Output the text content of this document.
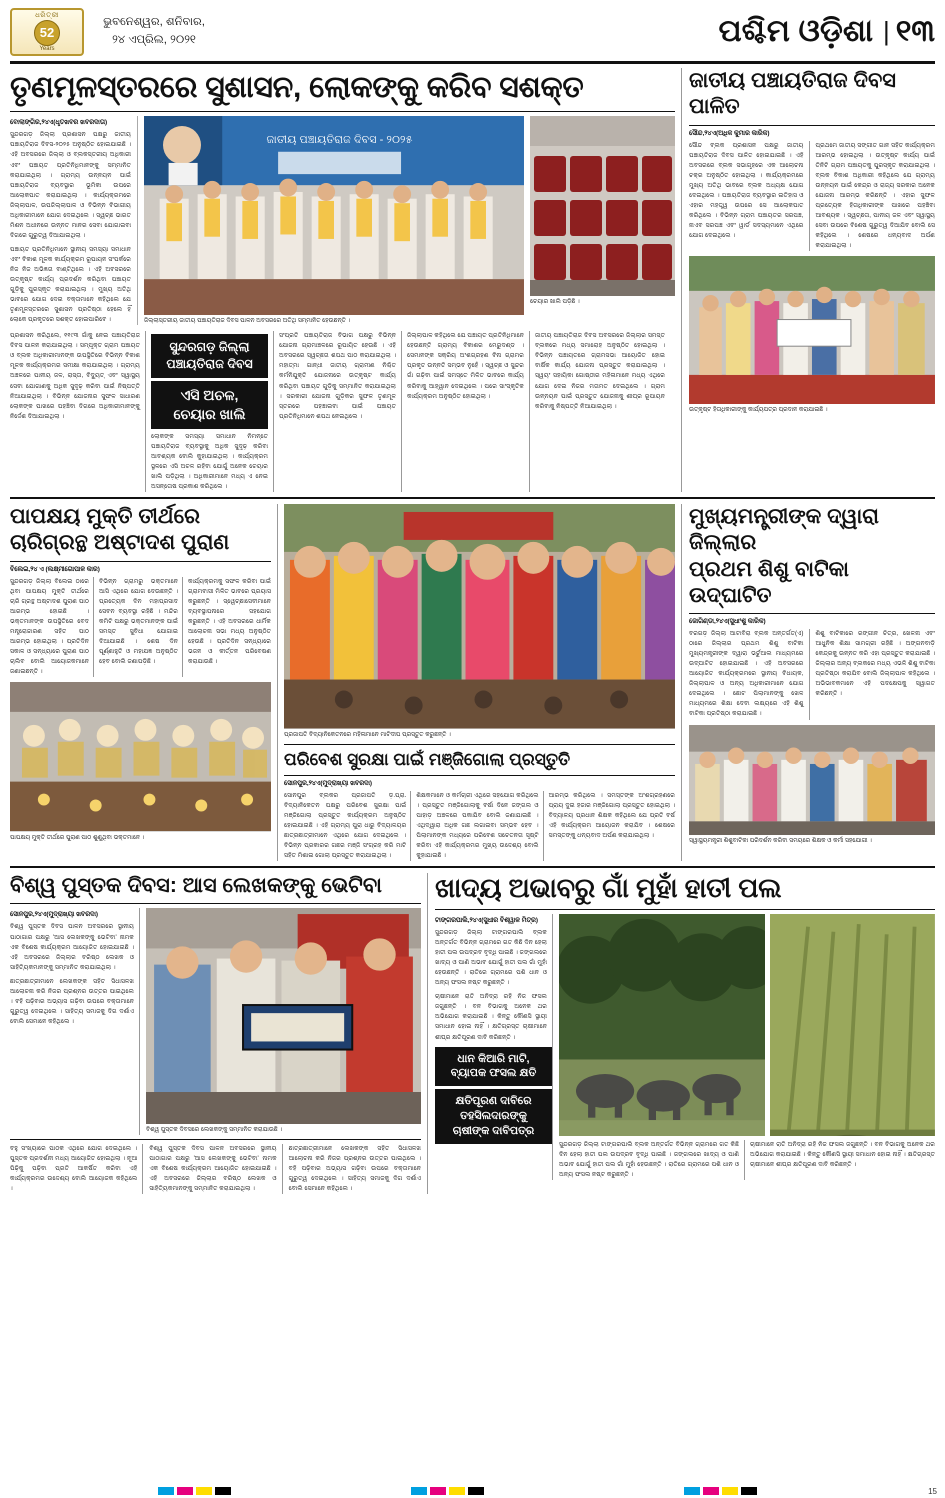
ଧରିତ୍ରୀ
52
Years
ଭୁବନେଶ୍ୱର, ଶନିବାର,
୨୪ ଏପ୍ରିଲ, ୨୦୨୧	ପଶ୍ଚିମ ଓଡ଼ିଶା | ୧୩
ତୃଣମୂଳସ୍ତରରେ ସୁଶାସନ, ଲୋକଙ୍କୁ କରିବ ସଶକ୍ତ
ବୋଲାଙ୍ଗିର,୨୪ଏ(ଧୃତଖବର ଖବରଦାତା)
ସୁନ୍ଦରଗଡ଼ ଜିଲ୍ଲା ପ୍ରଶାସନ ପକ୍ଷରୁ ଜାତୀୟ ପଞ୍ଚାୟତିରାଜ ଦିବସ-୨୦୨୫ ଅନୁଷ୍ଠିତ ହୋଇଯାଇଛି । ଏହି ଅବସରରେ ଜିଲ୍ଲା ଓ ବ୍ଲକସ୍ତରୀୟ ଅଧିକାରୀ ଏବଂ ପଞ୍ଚାୟତ ପ୍ରତିନିଧିମାନଙ୍କୁ ସମ୍ମାନିତ କରାଯାଇଥିଲା । ଗ୍ରାମ୍ୟ ଉନ୍ନୟନ ପାଇଁ ପଞ୍ଚାୟତିରାଜ ବ୍ୟବସ୍ଥାର ଭୂମିକା ଉପରେ ଆଲୋକପାତ କରାଯାଇଥିଲା । କାର୍ଯ୍ୟକ୍ରମରେ ଜିଲ୍ଲାପାଳ, ଉପଜିଲ୍ଲାପାଳ ଓ ବିଭିନ୍ନ ବିଭାଗୀୟ ଅଧିକାରୀମାନେ ଯୋଗ ଦେଇଥିଲେ । ସ୍ୱଚ୍ଛ ଭାରତ ମିଶନ ଅଧୀନରେ ଉନ୍ନତ ମାନର ସେବା ଯୋଗାଇବା ଦିଗରେ ଗୁରୁତ୍ୱ ଦିଆଯାଇଥିଲା ।
ପଞ୍ଚାୟତ ପ୍ରତିନିଧିମାନେ ସ୍ଥାନୀୟ ସମସ୍ୟା ସମାଧାନ ଏବଂ ବିକାଶ ମୂଳକ କାର୍ଯ୍ୟକ୍ରମ ରୂପାୟନ ସଂପର୍କରେ ନିଜ ନିଜ ଅଭିଜ୍ଞତା ବାଣ୍ଟିଥିଲେ । ଏହି ଅବସରରେ ଉତ୍କୃଷ୍ଟ କାର୍ଯ୍ୟ ପ୍ରଦର୍ଶନ କରିଥିବା ପଞ୍ଚାୟତ ଗୁଡ଼ିକୁ ପୁରସ୍କୃତ କରାଯାଇଥିଲା । ମୁଖ୍ୟ ଅତିଥି ଭାବରେ ଯୋଗ ଦେଇ ବକ୍ତାମାନେ କହିଥିଲେ ଯେ ତୃଣମୂଳସ୍ତରରେ ସୁଶାସନ ପ୍ରତିଷ୍ଠା ହେଲେ ହିଁ ଲୋକେ ପ୍ରକୃତରେ ସଶକ୍ତ ହୋଇପାରିବେ ।
ଜାତୀୟ ପଞ୍ଚାୟତିରାଜ ଦିବସ - ୨୦୨୫
ଜିଲ୍ଲାସ୍ତରୀୟ ଜାତୀୟ ପଞ୍ଚାୟତିରାଜ ଦିବସ ପାଳନ ଅବସରରେ ଅତିଥି ସମ୍ମାନିତ ହେଉଛନ୍ତି ।
ଚେୟାର ଖାଲି ପଡ଼ିଛି ।
ପ୍ରଶାସନ କରିଥିଲେ, ୧୧୯୩ ଗାଁକୁ ନେଇ ପଞ୍ଚାୟତିରାଜ ଦିବସ ପାଳନ କରାଯାଇଥିଲା । ସମ୍ପୃକ୍ତ ଗ୍ରାମ ପଞ୍ଚାୟତ ଓ ବ୍ଲକ ଅଧିକାରୀମାନଙ୍କ ଉପସ୍ଥିତିରେ ବିଭିନ୍ନ ବିକାଶ ମୂଳକ କାର୍ଯ୍ୟକ୍ରମର ସମୀକ୍ଷା କରାଯାଇଥିଲା । ଗ୍ରାମ୍ୟ ଅଞ୍ଚଳରେ ପାନୀୟ ଜଳ, ରାସ୍ତା, ବିଦ୍ୟୁତ୍ ଏବଂ ସ୍ୱାସ୍ଥ୍ୟ ସେବା ଯୋଗାଣକୁ ଅଧିକ ସୁଦୃଢ଼ କରିବା ପାଇଁ ନିଷ୍ପତ୍ତି ନିଆଯାଇଥିଲା । ବିଭିନ୍ନ ଯୋଜନାର ସୁଫଳ ସାଧାରଣ ଲୋକଙ୍କ ପାଖରେ ପହଞ୍ଚିବା ଦିଗରେ ଅଧିକାରୀମାନଙ୍କୁ ନିର୍ଦ୍ଦେଶ ଦିଆଯାଇଥିଲା ।
ସୁନ୍ଦରଗଡ଼ ଜିଲ୍ଲା
ପଞ୍ଚାୟତିରାଜ ଦିବସ
ଏସି ଅଚଳ,
ଚେୟାର ଖାଲି
ଲୋକଙ୍କ ସମସ୍ୟା ସମାଧାନ ନିମନ୍ତେ ପଞ୍ଚାୟତିରାଜ ବ୍ୟବସ୍ଥାକୁ ଅଧିକ ସୁଦୃଢ଼ କରିବା ଆବଶ୍ୟକ ବୋଲି କୁହାଯାଇଥିଲା । କାର୍ଯ୍ୟକ୍ରମ ସ୍ଥଳରେ ଏସି ଅଚଳ ରହିବା ଯୋଗୁଁ ଅନେକ ଚେୟାର ଖାଲି ପଡ଼ିଥିଲା । ଅଧିକାରୀମାନେ ମଧ୍ୟ ଏ ନେଇ ଅସନ୍ତୋଷ ପ୍ରକାଶ କରିଥିଲେ ।
ସଂପ୍ରତି ପଞ୍ଚାୟତିରାଜ ବିଭାଗ ପକ୍ଷରୁ ବିଭିନ୍ନ ଯୋଜନା ଗ୍ରାମାଞ୍ଚଳରେ ରୂପାୟିତ ହେଉଛି । ଏହି ଅବସରରେ ସ୍ୱଚ୍ଛତା ଶପଥ ପାଠ କରାଯାଇଥିଲା । ମହାତ୍ମା ଗାନ୍ଧୀ ଜାତୀୟ ଗ୍ରାମୀଣ ନିଶ୍ଚିତ କର୍ମନିଯୁକ୍ତି ଯୋଜନାରେ ଉତ୍କୃଷ୍ଟ କାର୍ଯ୍ୟ କରିଥିବା ପଞ୍ଚାୟତ ଗୁଡ଼ିକୁ ସମ୍ମାନିତ କରାଯାଇଥିଲା । ସରକାରୀ ଯୋଜନା ଗୁଡ଼ିକର ସୁଫଳ ତୃଣମୂଳ ସ୍ତରରେ ପହଞ୍ଚାଇବା ପାଇଁ ପଞ୍ଚାୟତ ପ୍ରତିନିଧିମାନେ ଶପଥ ନେଇଥିଲେ ।
ଜିଲ୍ଲାପାଳ କହିଥିଲେ ଯେ ପଞ୍ଚାୟତ ପ୍ରତିନିଧିମାନେ ହେଉଛନ୍ତି ଗ୍ରାମ୍ୟ ବିକାଶର ମେରୁଦଣ୍ଡ । ସେମାନଙ୍କ ସକ୍ରିୟ ଅଂଶଗ୍ରହଣ ବିନା ଗ୍ରାମର ପ୍ରକୃତ ଉନ୍ନତି ସମ୍ଭବ ନୁହେଁ । ସ୍ୱଚ୍ଛ ଓ ସୁନ୍ଦର ଗାଁ ଗଢ଼ିବା ପାଇଁ ସମସ୍ତେ ମିଳିତ ଭାବରେ କାର୍ଯ୍ୟ କରିବାକୁ ଆହ୍ୱାନ ଦେଇଥିଲେ । ପରେ ସାଂସ୍କୃତିକ କାର୍ଯ୍ୟକ୍ରମ ଅନୁଷ୍ଠିତ ହୋଇଥିଲା ।
ଜାତୀୟ ପଞ୍ଚାୟତିରାଜ ଦିବସ ଅବସରରେ ଜିଲ୍ଲାର ସମସ୍ତ ବ୍ଲକରେ ମଧ୍ୟ ସମାରୋହ ଅନୁଷ୍ଠିତ ହୋଇଥିଲା । ବିଭିନ୍ନ ପଞ୍ଚାୟତରେ ଗ୍ରାମସଭା ଆୟୋଜିତ ହୋଇ ବାର୍ଷିକ କାର୍ଯ୍ୟ ଯୋଜନା ପ୍ରସ୍ତୁତ କରାଯାଇଥିଲା । ସ୍ୱୟଂ ସହାୟିକା ଗୋଷ୍ଠୀର ମହିଳାମାନେ ମଧ୍ୟ ଏଥିରେ ଯୋଗ ଦେଇ ନିଜର ମତାମତ ଦେଇଥିଲେ । ଗ୍ରାମ ଉନ୍ନୟନ ପାଇଁ ପ୍ରସ୍ତୁତ ଯୋଜନାକୁ ଶୀଘ୍ର ରୂପାୟନ କରିବାକୁ ନିଷ୍ପତ୍ତି ନିଆଯାଇଥିଲା ।
ଜାତୀୟ ପଞ୍ଚାୟତିରାଜ ଦିବସ ପାଳିତ
ସୌନ୍ଦ,୨୪ଏ(ଅଧିକ କୁମାର କାରିକ)
ସୌନ୍ଦ ବ୍ଲକ ପ୍ରଶାସନ ପକ୍ଷରୁ ଜାତୀୟ ପଞ୍ଚାୟତିରାଜ ଦିବସ ପାଳିତ ହୋଇଯାଇଛି । ଏହି ଅବସରରେ ବ୍ଲକ ସଭାଗୃହରେ ଏକ ଆଲୋଚନା ଚକ୍ର ଅନୁଷ୍ଠିତ ହୋଇଥିଲା । କାର୍ଯ୍ୟକ୍ରମରେ ମୁଖ୍ୟ ଅତିଥି ଭାବରେ ବ୍ଲକ ଅଧ୍ୟକ୍ଷ ଯୋଗ ଦେଇଥିଲେ । ପଞ୍ଚାୟତିରାଜ ବ୍ୟବସ୍ଥାର ଇତିହାସ ଓ ଏହାର ମହତ୍ତ୍ୱ ଉପରେ ସେ ଆଲୋକପାତ କରିଥିଲେ । ବିଭିନ୍ନ ଗ୍ରାମ ପଞ୍ଚାୟତର ସରପଞ୍ଚ, ନାଏବ ସରପଞ୍ଚ ଏବଂ ୱାର୍ଡ ସଦସ୍ୟମାନେ ଏଥିରେ ଯୋଗ ଦେଇଥିଲେ ।
ପ୍ରଥମେ ଜାତୀୟ ସଙ୍ଗୀତ ଗାନ ସହିତ କାର୍ଯ୍ୟକ୍ରମ ଆରମ୍ଭ ହୋଇଥିଲା । ଉତ୍କୃଷ୍ଟ କାର୍ଯ୍ୟ ପାଇଁ ତିନିଟି ଗ୍ରାମ ପଞ୍ଚାୟତକୁ ପୁରସ୍କୃତ କରାଯାଇଥିଲା । ବ୍ଲକ ବିକାଶ ଅଧିକାରୀ କହିଥିଲେ ଯେ ଗ୍ରାମ୍ୟ ଉନ୍ନୟନ ପାଇଁ କେନ୍ଦ୍ର ଓ ରାଜ୍ୟ ସରକାର ଅନେକ ଯୋଜନା ଆରମ୍ଭ କରିଛନ୍ତି । ଏହାର ସୁଫଳ ପ୍ରତ୍ୟେକ ହିତାଧିକାରୀଙ୍କ ପାଖରେ ପହଞ୍ଚିବା ଆବଶ୍ୟକ । ସ୍ୱଚ୍ଛତା, ପାନୀୟ ଜଳ ଏବଂ ସ୍ୱାସ୍ଥ୍ୟ ସେବା ଉପରେ ବିଶେଷ ଗୁରୁତ୍ୱ ଦିଆଯିବ ବୋଲି ସେ କହିଥିଲେ । ଶେଷରେ ଧନ୍ୟବାଦ ଅର୍ପଣ କରାଯାଇଥିଲା ।
ଉତ୍କୃଷ୍ଟ ହିତାଧିକାରୀଙ୍କୁ କାର୍ଯ୍ୟପତ୍ର ପ୍ରଦାନ କରାଯାଇଛି ।
ପାପକ୍ଷୟ ମୁକ୍ତି ତୀର୍ଥରେ
ଚାରିଗ୍ରନ୍ଥ ଅଷ୍ଟାଦଶ ପୁରାଣ
ବିଲେଇ,୨୪ ଏ (ଲକ୍ଷ୍ମୀଗୋପାଳ କାର)
ସୁନ୍ଦରଗଡ଼ ଜିଲ୍ଲା ବିଲେଇ ଠାରେ ଥିବା ପାପକ୍ଷୟ ମୁକ୍ତି ତୀର୍ଥରେ ଚାରି ଗ୍ରନ୍ଥ ଅଷ୍ଟାଦଶ ପୁରାଣ ପାଠ ଆରମ୍ଭ ହୋଇଛି । ଭକ୍ତମାନଙ୍କ ଉପସ୍ଥିତିରେ ବେଦ ମନ୍ତ୍ରୋଚ୍ଚାରଣ ସହିତ ପାଠ ଆରମ୍ଭ ହୋଇଥିଲା । ପ୍ରତିଦିନ ସକାଳ ଓ ସନ୍ଧ୍ୟାରେ ପୁରାଣ ପାଠ ଚାଲିବ ବୋଲି ଆୟୋଜକମାନେ ଜଣାଇଛନ୍ତି ।
ବିଭିନ୍ନ ଗ୍ରାମରୁ ଭକ୍ତମାନେ ଆସି ଏଥିରେ ଯୋଗ ଦେଉଛନ୍ତି । ପ୍ରତ୍ୟେକ ଦିନ ମହାପ୍ରସାଦ ସେବନ ବ୍ୟବସ୍ଥା ରହିଛି । ମନ୍ଦିର କମିଟି ପକ୍ଷରୁ ଭକ୍ତମାନଙ୍କ ପାଇଁ ସମସ୍ତ ସୁବିଧା ଯୋଗାଇ ଦିଆଯାଇଛି । ଶେଷ ଦିନ ପୂର୍ଣ୍ଣାହୁତି ଓ ମହାଯଜ୍ଞ ଅନୁଷ୍ଠିତ ହେବ ବୋଲି ଜଣାପଡ଼ିଛି ।
କାର୍ଯ୍ୟକ୍ରମକୁ ସଫଳ କରିବା ପାଇଁ ଗ୍ରାମବାସୀ ମିଳିତ ଭାବରେ ପ୍ରୟାସ କରୁଛନ୍ତି । ସ୍ୱେଚ୍ଛାସେବୀମାନେ ବ୍ୟବସ୍ଥାପନାରେ ସହଯୋଗ କରୁଛନ୍ତି । ଏହି ଅବସରରେ ଧାର୍ମିକ ଆଲୋଚନା ସଭା ମଧ୍ୟ ଅନୁଷ୍ଠିତ ହେଉଛି । ପ୍ରତିଦିନ ସନ୍ଧ୍ୟାରେ ଭଜନ ଓ କୀର୍ତ୍ତନ ପରିବେଷଣ କରାଯାଉଛି ।
ପାପକ୍ଷୟ ମୁକ୍ତି ତୀର୍ଥରେ ପୁରାଣ ପାଠ ଶୁଣୁଥିବା ଭକ୍ତମାନେ ।
ପ୍ରଜାପତି ବିଦ୍ୟାନିକେତନରେ ମହିଳାମାନେ ମାଟିଦୀପ ପ୍ରସ୍ତୁତ କରୁଛନ୍ତି ।
ପରିବେଶ ସୁରକ୍ଷା ପାଇଁ ମଞ୍ଜିଗୋଲା ପ୍ରସ୍ତୁତି
ସୋନପୁର,୨୪ଏ(ମୁଦ୍ରାଖ୍ୟା ଖବରଦା)
ସୋନପୁର ବ୍ଲକର ପ୍ରଜାପତି ଡ଼.ପ୍ରା. ବିଦ୍ୟାନିକେତନ ପକ୍ଷରୁ ପରିବେଶ ସୁରକ୍ଷା ପାଇଁ ମଞ୍ଜିଗୋଲା ପ୍ରସ୍ତୁତ କାର୍ଯ୍ୟକ୍ରମ ଅନୁଷ୍ଠିତ ହୋଇଯାଇଛି । ଏହି ଗ୍ରାମ୍ୟ ପୁରା ଧାରୁ ବିଦ୍ୟାଳୟର ଛାତ୍ରଛାତ୍ରୀମାନେ ଏଥିରେ ଯୋଗ ଦେଇଥିଲେ । ବିଭିନ୍ନ ପ୍ରକାରର ଗଛର ମଞ୍ଜି ସଂଗ୍ରହ କରି ମାଟି ସହିତ ମିଶାଇ ଗୋଲା ପ୍ରସ୍ତୁତ କରାଯାଇଥିଲା ।
ଶିକ୍ଷକମାନେ ଓ କର୍ମଚାରୀ ଏଥିରେ ସହଯୋଗ କରିଥିଲେ । ପ୍ରସ୍ତୁତ ମଞ୍ଜିଗୋଲାକୁ ବର୍ଷା ଦିନେ ଜଙ୍ଗଲ ଓ ପାହାଡ଼ ଅଞ୍ଚଳରେ ପକାଯିବ ବୋଲି ଜଣାଯାଇଛି । ଏଥିଦ୍ୱାରା ଅଧିକ ଗଛ ଲଗାଇବା ସମ୍ଭବ ହେବ । ପିଲାମାନଙ୍କ ମଧ୍ୟରେ ପରିବେଶ ସଚେତନତା ସୃଷ୍ଟି କରିବା ଏହି କାର୍ଯ୍ୟକ୍ରମର ମୁଖ୍ୟ ଉଦ୍ଦେଶ୍ୟ ବୋଲି କୁହାଯାଇଛି ।
ଆରମ୍ଭ କରିଥିଲେ । ସମସ୍ତଙ୍କ ଅଂଶଗ୍ରହଣରେ ପ୍ରାୟ ଦୁଇ ହଜାର ମଞ୍ଜିଗୋଲା ପ୍ରସ୍ତୁତ ହୋଇଥିଲା । ବିଦ୍ୟାଳୟ ପ୍ରଧାନ ଶିକ୍ଷକ କହିଥିଲେ ଯେ ପ୍ରତି ବର୍ଷ ଏହି କାର୍ଯ୍ୟକ୍ରମ ଆୟୋଜନ କରାଯିବ । ଶେଷରେ ସମସ୍ତଙ୍କୁ ଧନ୍ୟବାଦ ଅର୍ପଣ କରାଯାଇଥିଲା ।
ମୁଖ୍ୟମନ୍ତ୍ରୀଙ୍କ ଦ୍ୱାରା ଜିଲ୍ଲାର
ପ୍ରଥମ ଶିଶୁ ବାଟିକା ଉଦ୍‌ଘାଟିତ
ଜୋଗିଣ୍ଡା,୨୪ଏ(ସୁଧାଂଶୁ କାରିକ)
ବରଗଡ଼ ଜିଲ୍ଲା ଆଟାବିରା ବ୍ଲକ ଅନ୍ତର୍ଗତ(ଏ) ଠାରେ ଜିଲ୍ଲାର ପ୍ରଥମ ଶିଶୁ ବାଟିକା ମୁଖ୍ୟମନ୍ତ୍ରୀଙ୍କ ଦ୍ୱାରା ଭର୍ଚୁଆଲ ମାଧ୍ୟମରେ ଉଦ୍‌ଘାଟିତ ହୋଇଯାଇଛି । ଏହି ଅବସରରେ ଆୟୋଜିତ କାର୍ଯ୍ୟକ୍ରମରେ ସ୍ଥାନୀୟ ବିଧାୟକ, ଜିଲ୍ଲାପାଳ ଓ ଅନ୍ୟ ଅଧିକାରୀମାନେ ଯୋଗ ଦେଇଥିଲେ । ଛୋଟ ପିଲାମାନଙ୍କୁ ଖେଳ ମାଧ୍ୟମରେ ଶିକ୍ଷା ଦେବା ଲକ୍ଷ୍ୟରେ ଏହି ଶିଶୁ ବାଟିକା ପ୍ରତିଷ୍ଠା କରାଯାଇଛି ।
ଶିଶୁ ବାଟିକାରେ ରଙ୍ଗୀନ ଚିତ୍ର, ଖେଳନା ଏବଂ ଆଧୁନିକ ଶିକ୍ଷା ସାମଗ୍ରୀ ରହିଛି । ଅଙ୍ଗନବାଡ଼ି କେନ୍ଦ୍ରକୁ ଉନ୍ନତ କରି ଏହା ପ୍ରସ୍ତୁତ କରାଯାଇଛି । ଜିଲ୍ଲାର ଅନ୍ୟ ବ୍ଲକରେ ମଧ୍ୟ ଏଭଳି ଶିଶୁ ବାଟିକା ପ୍ରତିଷ୍ଠା କରାଯିବ ବୋଲି ଜିଲ୍ଲାପାଳ କହିଥିଲେ । ଅଭିଭାବକମାନେ ଏହି ପଦକ୍ଷେପକୁ ସ୍ୱାଗତ କରିଛନ୍ତି ।
ସ୍ୱାସ୍ଥ୍ୟମନ୍ତ୍ରୀ ଶିଶୁବାଟିକା ପରିଦର୍ଶନ କରିବା ସମୟରେ ଶିକ୍ଷକ ଓ କର୍ମୀ ସହଯୋଗୀ ।
ବିଶ୍ୱ ପୁସ୍ତକ ଦିବସ: ଆସ ଲେଖକଙ୍କୁ ଭେଟିବା
ସୋନପୁର,୨୪ଏ(ମୁଦ୍ରାଖ୍ୟା ଖବରଦା)
ବିଶ୍ୱ ପୁସ୍ତକ ଦିବସ ପାଳନ ଅବସରରେ ସ୍ଥାନୀୟ ପାଠାଗାର ପକ୍ଷରୁ 'ଆସ ଲେଖକଙ୍କୁ ଭେଟିବା' ନାମକ ଏକ ବିଶେଷ କାର୍ଯ୍ୟକ୍ରମ ଆୟୋଜିତ ହୋଇଯାଇଛି । ଏହି ଅବସରରେ ଜିଲ୍ଲାର ବରିଷ୍ଠ ଲେଖକ ଓ ସାହିତ୍ୟିକମାନଙ୍କୁ ସମ୍ମାନିତ କରାଯାଇଥିଲା ।
ଛାତ୍ରଛାତ୍ରୀମାନେ ଲେଖକଙ୍କ ସହିତ ସିଧାସଳଖ ଆଲୋଚନା କରି ନିଜର ପ୍ରଶ୍ନର ଉତ୍ତର ପାଇଥିଲେ । ବହି ପଢ଼ିବାର ଅଭ୍ୟାସ ଗଢ଼ିବା ଉପରେ ବକ୍ତାମାନେ ଗୁରୁତ୍ୱ ଦେଇଥିଲେ । ସାହିତ୍ୟ ସମାଜକୁ ଦିଗ ଦର୍ଶାଏ ବୋଲି ସେମାନେ କହିଥିଲେ ।
ବିଶ୍ୱ ପୁସ୍ତକ ଦିବସରେ ଲେଖକଙ୍କୁ ସମ୍ମାନିତ କରାଯାଉଛି ।
ବହୁ ସଂଖ୍ୟାରେ ପାଠକ ଏଥିରେ ଯୋଗ ଦେଇଥିଲେ । ପୁସ୍ତକ ପ୍ରଦର୍ଶନୀ ମଧ୍ୟ ଆୟୋଜିତ ହୋଇଥିଲା । ନୂଆ ପିଢ଼ିକୁ ପଢ଼ିବା ପ୍ରତି ଆକର୍ଷିତ କରିବା ଏହି କାର୍ଯ୍ୟକ୍ରମର ଉଦ୍ଦେଶ୍ୟ ବୋଲି ଆୟୋଜକ କହିଥିଲେ ।
ବିଶ୍ୱ ପୁସ୍ତକ ଦିବସ ପାଳନ ଅବସରରେ ସ୍ଥାନୀୟ ପାଠାଗାର ପକ୍ଷରୁ 'ଆସ ଲେଖକଙ୍କୁ ଭେଟିବା' ନାମକ ଏକ ବିଶେଷ କାର୍ଯ୍ୟକ୍ରମ ଆୟୋଜିତ ହୋଇଯାଇଛି । ଏହି ଅବସରରେ ଜିଲ୍ଲାର ବରିଷ୍ଠ ଲେଖକ ଓ ସାହିତ୍ୟିକମାନଙ୍କୁ ସମ୍ମାନିତ କରାଯାଇଥିଲା ।
ଛାତ୍ରଛାତ୍ରୀମାନେ ଲେଖକଙ୍କ ସହିତ ସିଧାସଳଖ ଆଲୋଚନା କରି ନିଜର ପ୍ରଶ୍ନର ଉତ୍ତର ପାଇଥିଲେ । ବହି ପଢ଼ିବାର ଅଭ୍ୟାସ ଗଢ଼ିବା ଉପରେ ବକ୍ତାମାନେ ଗୁରୁତ୍ୱ ଦେଇଥିଲେ । ସାହିତ୍ୟ ସମାଜକୁ ଦିଗ ଦର୍ଶାଏ ବୋଲି ସେମାନେ କହିଥିଲେ ।
ଖାଦ୍ୟ ଅଭାବରୁ ଗାଁ ମୁହାଁ ହାତୀ ପଲ
ଟାଙ୍ଗରପାଲି,୨୪ଏ(ସୁଧୀର ବିଶ୍ୱାଳ ମିତ୍ର)
ସୁନ୍ଦରଗଡ଼ ଜିଲ୍ଲା ଟାଙ୍ଗରପାଲି ବ୍ଲକ ଅନ୍ତର୍ଗତ ବିଭିନ୍ନ ଗ୍ରାମରେ ଗତ କିଛି ଦିନ ହେଲା ହାତୀ ପଲ ଉପଦ୍ରବ ବୃଦ୍ଧି ପାଇଛି । ଜଙ୍ଗଲରେ ଖାଦ୍ୟ ଓ ପାଣି ଅଭାବ ଯୋଗୁଁ ହାତୀ ପଲ ଗାଁ ମୁହାଁ ହେଉଛନ୍ତି । ରାତିରେ ଗ୍ରାମରେ ପଶି ଧାନ ଓ ଅନ୍ୟ ଫସଲ ନଷ୍ଟ କରୁଛନ୍ତି ।
ଚାଷୀମାନେ ରାତି ଅନିଦ୍ରା ରହି ନିଜ ଫସଲ ଜଗୁଛନ୍ତି । ବନ ବିଭାଗକୁ ଅନେକ ଥର ଅଭିଯୋଗ କରାଯାଇଛି । କିନ୍ତୁ କୌଣସି ସ୍ଥାୟୀ ସମାଧାନ ହୋଇ ନାହିଁ । କ୍ଷତିଗ୍ରସ୍ତ ଚାଷୀମାନେ ଶୀଘ୍ର କ୍ଷତିପୂରଣ ଦାବି କରିଛନ୍ତି ।
ଧାନ କିଆରି ମାଟି,
ବ୍ୟାପକ ଫସଲ କ୍ଷତି
କ୍ଷତିପୂରଣ ଦାବିରେ
ତହସିଲଦାରଙ୍କୁ
ଚାଷୀଙ୍କ ଦାବିପତ୍ର
ସୁନ୍ଦରଗଡ଼ ଜିଲ୍ଲା ଟାଙ୍ଗରପାଲି ବ୍ଲକ ଅନ୍ତର୍ଗତ ବିଭିନ୍ନ ଗ୍ରାମରେ ଗତ କିଛି ଦିନ ହେଲା ହାତୀ ପଲ ଉପଦ୍ରବ ବୃଦ୍ଧି ପାଇଛି । ଜଙ୍ଗଲରେ ଖାଦ୍ୟ ଓ ପାଣି ଅଭାବ ଯୋଗୁଁ ହାତୀ ପଲ ଗାଁ ମୁହାଁ ହେଉଛନ୍ତି । ରାତିରେ ଗ୍ରାମରେ ପଶି ଧାନ ଓ ଅନ୍ୟ ଫସଲ ନଷ୍ଟ କରୁଛନ୍ତି ।
ଚାଷୀମାନେ ରାତି ଅନିଦ୍ରା ରହି ନିଜ ଫସଲ ଜଗୁଛନ୍ତି । ବନ ବିଭାଗକୁ ଅନେକ ଥର ଅଭିଯୋଗ କରାଯାଇଛି । କିନ୍ତୁ କୌଣସି ସ୍ଥାୟୀ ସମାଧାନ ହୋଇ ନାହିଁ । କ୍ଷତିଗ୍ରସ୍ତ ଚାଷୀମାନେ ଶୀଘ୍ର କ୍ଷତିପୂରଣ ଦାବି କରିଛନ୍ତି ।
15
